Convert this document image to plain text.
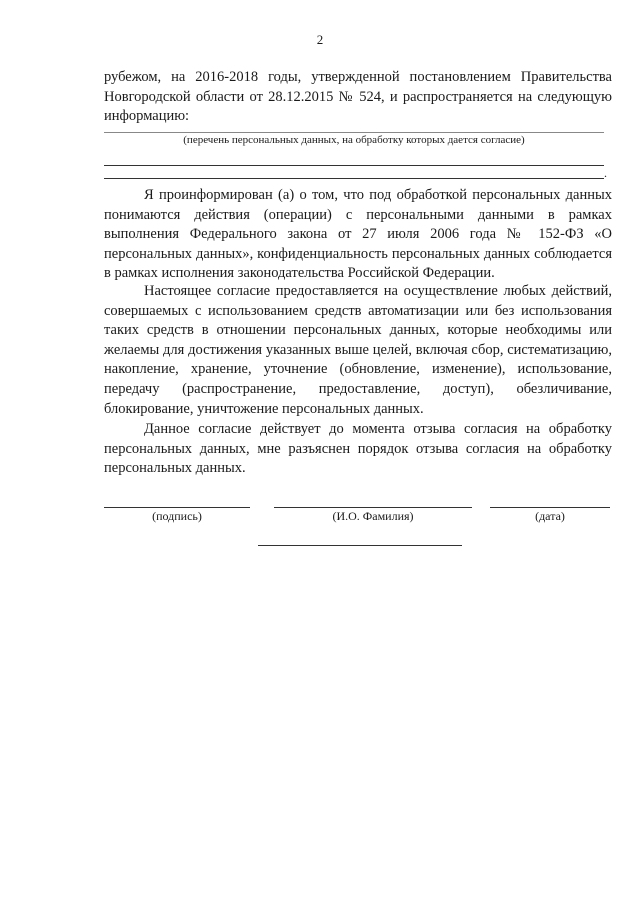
2

рубежом, на 2016-2018 годы, утвержденной постановлением Правительства Новгородской области от 28.12.2015 № 524, и распространяется на следующую информацию:

(перечень персональных данных, на обработку которых дается согласие)
.

Я проинформирован (а) о том, что под обработкой персональных данных понимаются действия (операции) с персональными данными в рамках выполнения Федерального закона от 27 июля 2006 года № 152-ФЗ «О персональных данных», конфиденциальность персональных данных соблюдается в рамках исполнения законодательства Российской Федерации.

Настоящее согласие предоставляется на осуществление любых действий, совершаемых с использованием средств автоматизации или без использования таких средств в отношении персональных данных, которые необходимы или желаемы для достижения указанных выше целей, включая сбор, систематизацию, накопление, хранение, уточнение (обновление, изменение), использование, передачу (распространение, предоставление, доступ), обезличивание, блокирование, уничтожение персональных данных.

Данное согласие действует до момента отзыва согласия на обработку персональных данных, мне разъяснен порядок отзыва согласия на обработку персональных данных.

(подпись)	(И.О. Фамилия)	(дата)
